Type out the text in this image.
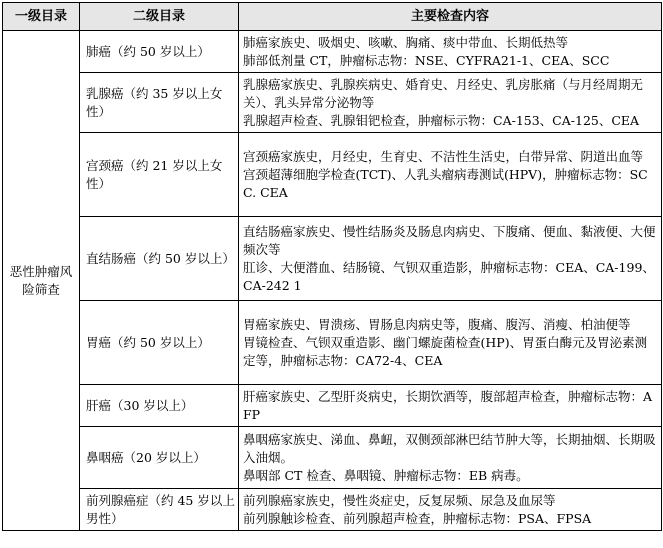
一级目录	二级目录	主要检查内容
恶性肿瘤风险筛查	肺癌（约 50 岁以上）	肺癌家族史、吸烟史、咳嗽、胸痛、痰中带血、长期低热等
肺部低剂量 CT，肿瘤标志物：NSE、CYFRA21-1、CEA、SCC

	乳腺癌（约 35 岁以上女性）	乳腺癌家族史、乳腺疾病史、婚育史、月经史、乳房胀痛（与月经周期无关）、乳头异常分泌物等
乳腺超声检查、乳腺钼钯检查，肿瘤标示物：CA-153、CA-125、CEA

	宫颈癌（约 21 岁以上女性）	宫颈癌家族史，月经史，生育史、不洁性生活史，白带异常、阴道出血等
宫颈超薄细胞学检查(TCT)、人乳头瘤病毒测试(HPV)，肿瘤标志物：SCC. CEA

	直结肠癌（约 50 岁以上）	直结肠癌家族史、慢性结肠炎及肠息肉病史、下腹痛、便血、黏液便、大便频次等
肛诊、大便潜血、结肠镜、气钡双重造影，肿瘤标志物：CEA、CA-199、CA-242 1

	胃癌（约 50 岁以上）	胃癌家族史、胃溃疡、胃肠息肉病史等，腹痛、腹泻、消瘦、柏油便等
胃镜检查、气钡双重造影、幽门螺旋菌检查(HP)、胃蛋白酶元及胃泌素测定等，肿瘤标志物：CA72-4、CEA

	肝癌（30 岁以上）	肝癌家族史、乙型肝炎病史，长期饮酒等，腹部超声检查，肿瘤标志物：AFP

	鼻咽癌（20 岁以上）	鼻咽癌家族史、涕血、鼻衄，双侧颈部淋巴结节肿大等，长期抽烟、长期吸入油烟。
鼻咽部 CT 检查、鼻咽镜、肿瘤标志物：EB 病毒。

	前列腺癌症（约 45 岁以上男性）	前列腺癌家族史，慢性炎症史，反复尿频、尿急及血尿等
前列腺触诊检查、前列腺超声检查，肿瘤标志物：PSA、FPSA
